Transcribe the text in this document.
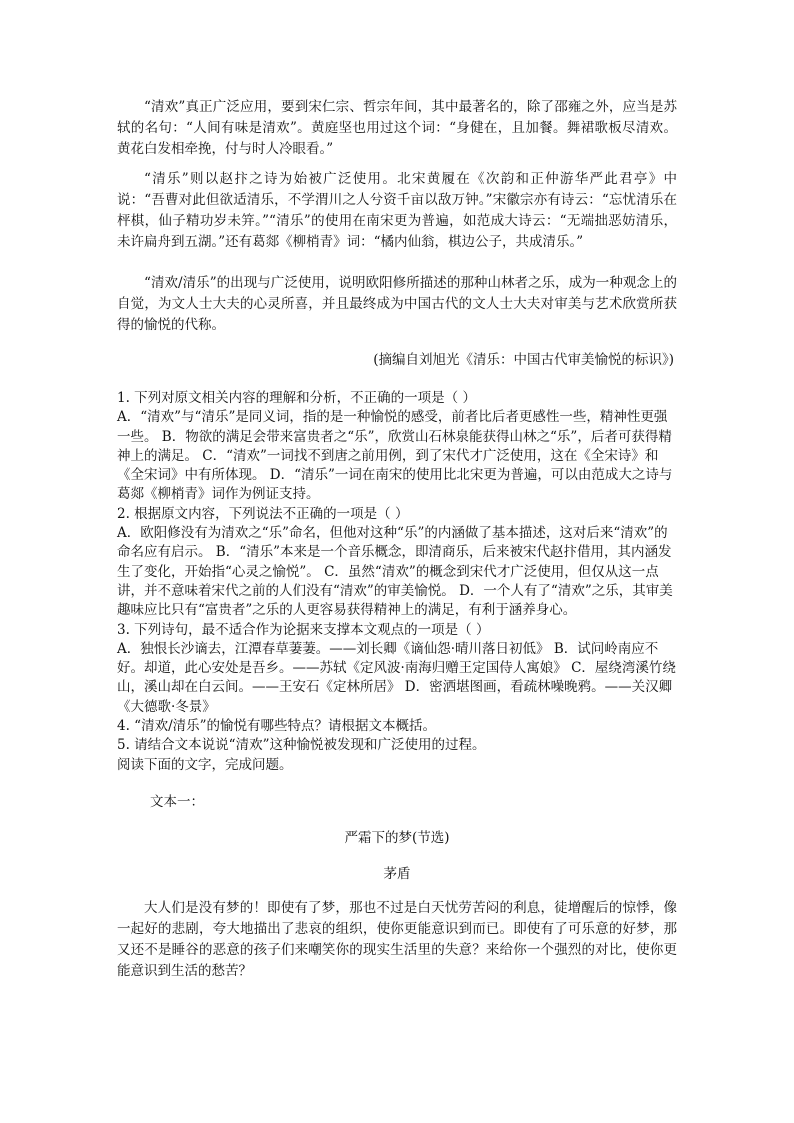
“清欢”真正广泛应用，要到宋仁宗、哲宗年间，其中最著名的，除了邵雍之外，应当是苏轼的名句：“人间有味是清欢”。黄庭坚也用过这个词：“身健在，且加餐。舞裙歌板尽清欢。黄花白发相牵挽，付与时人冷眼看。”

“清乐”则以赵抃之诗为始被广泛使用。北宋黄履在《次韵和正仲游华严此君亭》中说：“吾曹对此但欲适清乐，不学渭川之人兮资千亩以敌万钟。”宋徽宗亦有诗云：“忘忧清乐在枰棋，仙子精功岁未笄。”“清乐”的使用在南宋更为普遍，如范成大诗云：“无端拙恶妨清乐，未许扁舟到五湖。”还有葛郯《柳梢青》词：“橘内仙翁，棋边公子，共成清乐。”

“清欢/清乐”的出现与广泛使用，说明欧阳修所描述的那种山林者之乐，成为一种观念上的自觉，为文人士大夫的心灵所喜，并且最终成为中国古代的文人士大夫对审美与艺术欣赏所获得的愉悦的代称。

(摘编自刘旭光《清乐：中国古代审美愉悦的标识》)

1. 下列对原文相关内容的理解和分析，不正确的一项是（ ）

A．“清欢”与“清乐”是同义词，指的是一种愉悦的感受，前者比后者更感性一些，精神性更强一些。 B．物欲的满足会带来富贵者之“乐”，欣赏山石林泉能获得山林之“乐”，后者可获得精神上的满足。 C．“清欢”一词找不到唐之前用例，到了宋代才广泛使用，这在《全宋诗》和《全宋词》中有所体现。 D．“清乐”一词在南宋的使用比北宋更为普遍，可以由范成大之诗与葛郯《柳梢青》词作为例证支持。

2. 根据原文内容，下列说法不正确的一项是（ ）

A．欧阳修没有为清欢之“乐”命名，但他对这种“乐”的内涵做了基本描述，这对后来“清欢”的命名应有启示。 B．“清乐”本来是一个音乐概念，即清商乐，后来被宋代赵抃借用，其内涵发生了变化，开始指“心灵之愉悦”。 C．虽然“清欢”的概念到宋代才广泛使用，但仅从这一点讲，并不意味着宋代之前的人们没有“清欢”的审美愉悦。 D．一个人有了“清欢”之乐，其审美趣味应比只有“富贵者”之乐的人更容易获得精神上的满足，有利于涵养身心。

3. 下列诗句，最不适合作为论据来支撑本文观点的一项是（ ）

A．独恨长沙谪去，江潭春草萋萋。——刘长卿《谪仙怨·晴川落日初低》 B．试问岭南应不好。却道，此心安处是吾乡。——苏轼《定风波·南海归赠王定国侍人寓娘》 C．屋绕湾溪竹绕山，溪山却在白云间。——王安石《定林所居》 D．密洒堪图画，看疏林噪晚鸦。——关汉卿《大德歌·冬景》

4. “清欢/清乐”的愉悦有哪些特点？请根据文本概括。

5. 请结合文本说说“清欢”这种愉悦被发现和广泛使用的过程。

阅读下面的文字，完成问题。

文本一：

严霜下的梦(节选)

茅盾

大人们是没有梦的！即使有了梦，那也不过是白天忧劳苦闷的利息，徒增醒后的惊悸，像一起好的悲剧，夸大地描出了悲哀的组织，使你更能意识到而已。即使有了可乐意的好梦，那又还不是睡谷的恶意的孩子们来嘲笑你的现实生活里的失意？来给你一个强烈的对比，使你更能意识到生活的愁苦？
